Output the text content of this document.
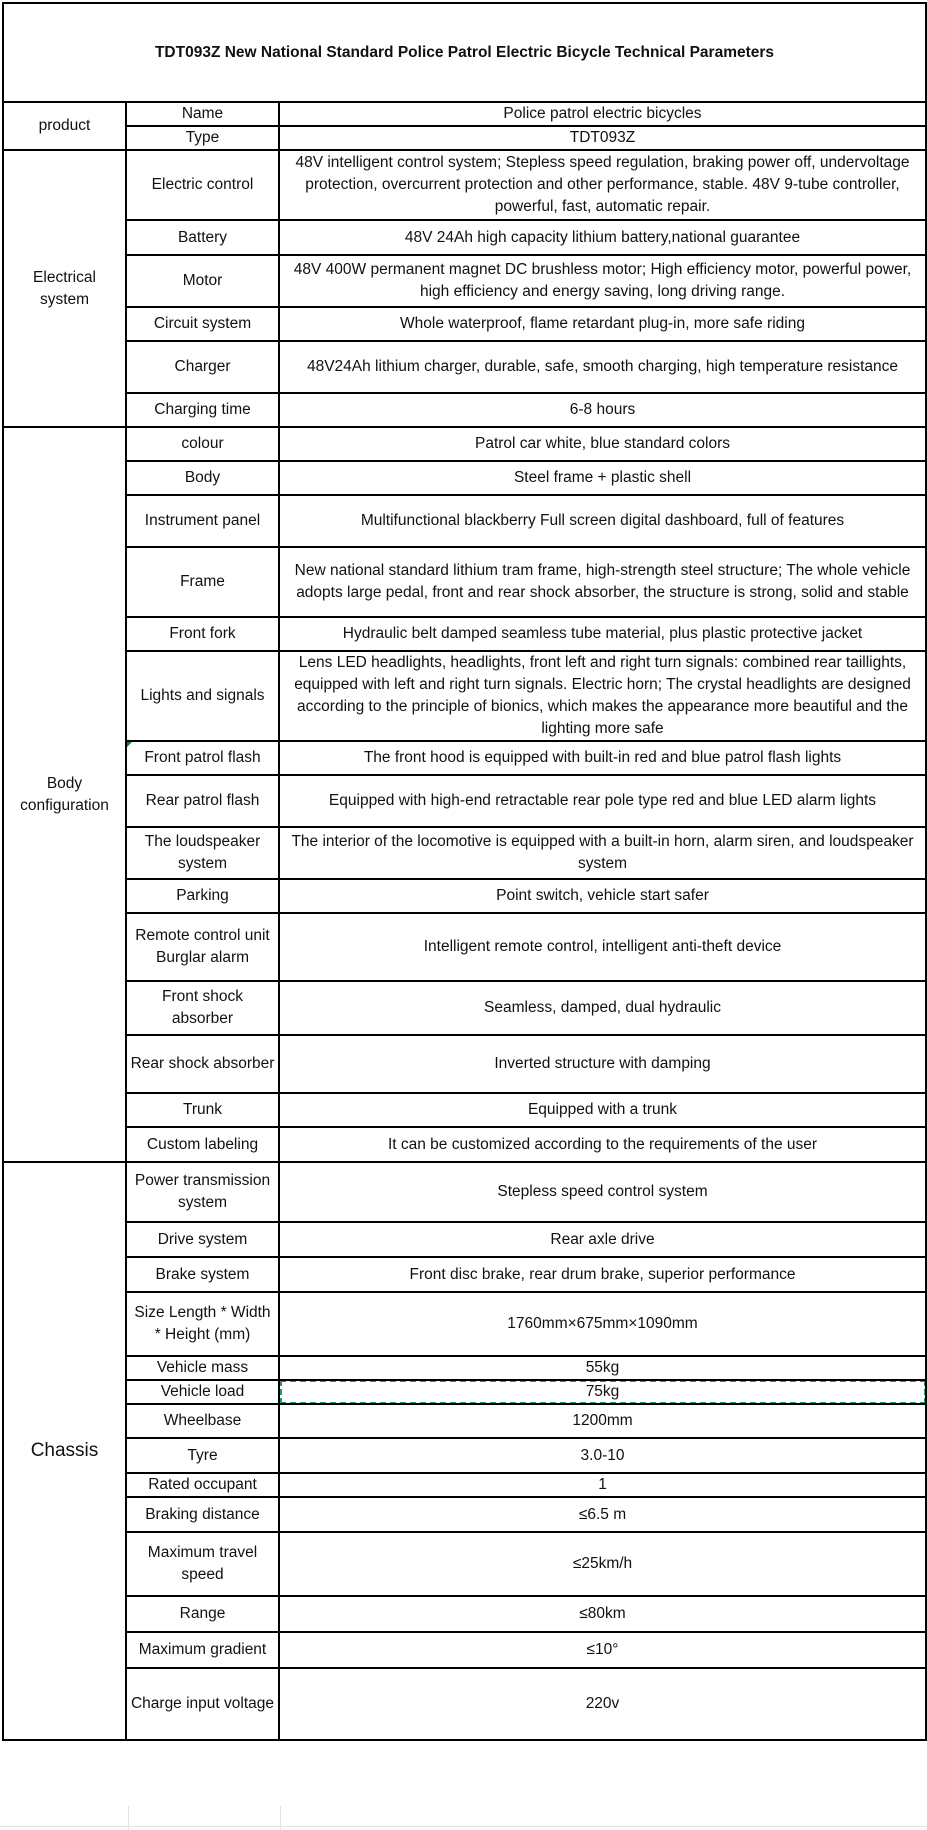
TDT093Z New National Standard Police Patrol Electric Bicycle Technical Parameters		
product	Name	Police patrol electric bicycles
	Type	TDT093Z
Electrical system	Electric control	48V intelligent control system; Stepless speed regulation, braking power off, undervoltage protection, overcurrent protection and other performance, stable. 48V 9-tube controller, powerful, fast, automatic repair.
	Battery	48V 24Ah high capacity lithium battery,national guarantee
	Motor	48V 400W permanent magnet DC brushless motor; High efficiency motor, powerful power, high efficiency and energy saving, long driving range.
	Circuit system	Whole waterproof, flame retardant plug-in, more safe riding
	Charger	48V24Ah lithium charger, durable, safe, smooth charging, high temperature resistance
	Charging time	6-8 hours
Body configuration	colour	Patrol car white, blue standard colors
	Body	Steel frame + plastic shell
	Instrument panel	Multifunctional blackberry Full screen digital dashboard, full of features
	Frame	New national standard lithium tram frame, high-strength steel structure; The whole vehicle adopts large pedal, front and rear shock absorber, the structure is strong, solid and stable
	Front fork	Hydraulic belt damped seamless tube material, plus plastic protective jacket
	Lights and signals	Lens LED headlights, headlights, front left and right turn signals: combined rear taillights, equipped with left and right turn signals. Electric horn; The crystal headlights are designed according to the principle of bionics, which makes the appearance more beautiful and the lighting more safe
	Front patrol flash	The front hood is equipped with built-in red and blue patrol flash lights
	Rear patrol flash	Equipped with high-end retractable rear pole type red and blue LED alarm lights
	The loudspeaker system	The interior of the locomotive is equipped with a built-in horn, alarm siren, and loudspeaker system
	Parking	Point switch, vehicle start safer
	Remote control unit Burglar alarm	Intelligent remote control, intelligent anti-theft device
	Front shock absorber	Seamless, damped, dual hydraulic
	Rear shock absorber	Inverted structure with damping
	Trunk	Equipped with a trunk
	Custom labeling	It can be customized according to the requirements of the user
Chassis	Power transmission system	Stepless speed control system
	Drive system	Rear axle drive
	Brake system	Front disc brake, rear drum brake, superior performance
	Size Length * Width * Height (mm)	1760mm×675mm×1090mm
	Vehicle mass	55kg
	Vehicle load	75kg

	Wheelbase	1200mm
	Tyre	3.0-10
	Rated occupant	1
	Braking distance	≤6.5 m
	Maximum travel speed	≤25km/h
	Range	≤80km
	Maximum gradient	≤10°
	Charge input voltage	220v
